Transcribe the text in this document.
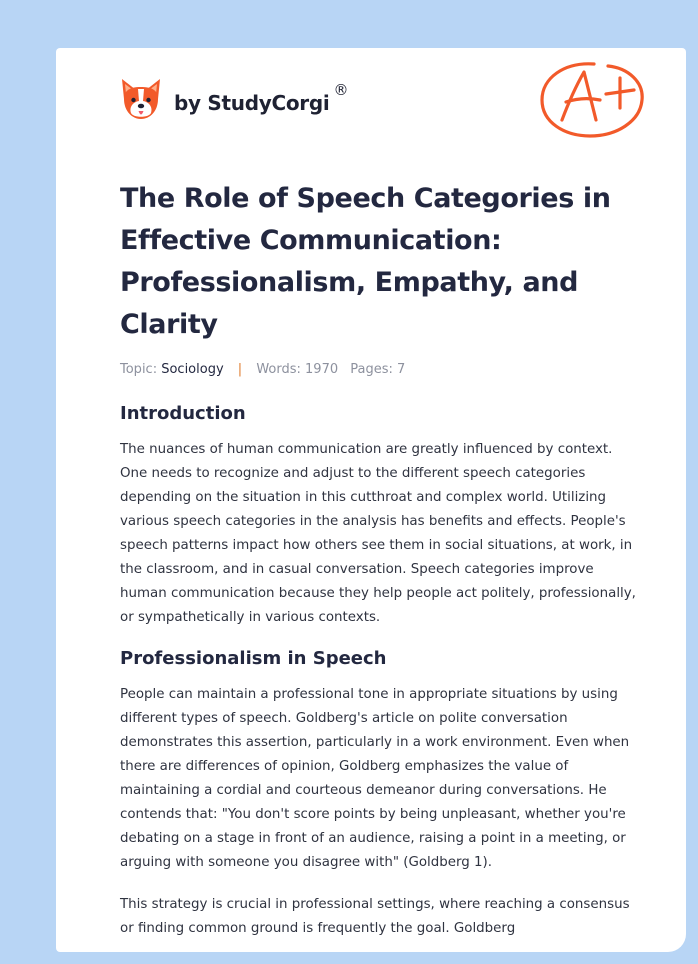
by StudyCorgi
®
The Role of Speech Categories in Effective Communication: Professionalism, Empathy, and Clarity
Topic: Sociology | Words: 1970 Pages: 7
Introduction

The nuances of human communication are greatly influenced by context. One needs to recognize and adjust to the different speech categories depending on the situation in this cutthroat and complex world. Utilizing various speech categories in the analysis has benefits and effects. People's speech patterns impact how others see them in social situations, at work, in the classroom, and in casual conversation. Speech categories improve human communication because they help people act politely, professionally, or sympathetically in various contexts.

Professionalism in Speech

People can maintain a professional tone in appropriate situations by using different types of speech. Goldberg's article on polite conversation demonstrates this assertion, particularly in a work environment. Even when there are differences of opinion, Goldberg emphasizes the value of maintaining a cordial and courteous demeanor during conversations. He contends that: "You don't score points by being unpleasant, whether you're debating on a stage in front of an audience, raising a point in a meeting, or arguing with someone you disagree with" (Goldberg 1).

This strategy is crucial in professional settings, where reaching a consensus or finding common ground is frequently the goal. Goldberg
